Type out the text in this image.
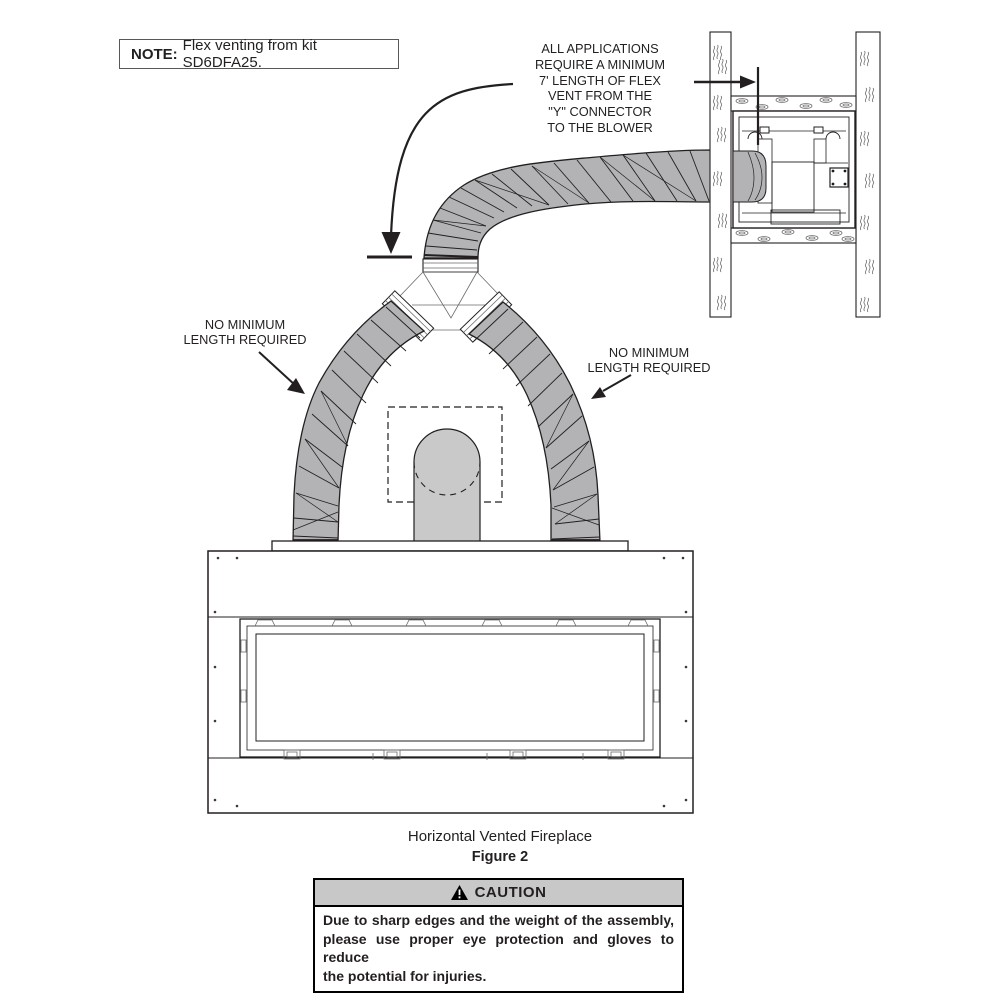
NOTE: Flex venting from kit SD6DFA25.
ALL APPLICATIONS
REQUIRE A MINIMUM
7' LENGTH OF FLEX
VENT FROM THE
"Y" CONNECTOR
TO THE BLOWER
NO MINIMUM
LENGTH REQUIRED
NO MINIMUM
LENGTH REQUIRED
Horizontal Vented Fireplace
Figure 2
CAUTION
Due to sharp edges and the weight of the assembly,
please use proper eye protection and gloves to reduce
the potential for injuries.
